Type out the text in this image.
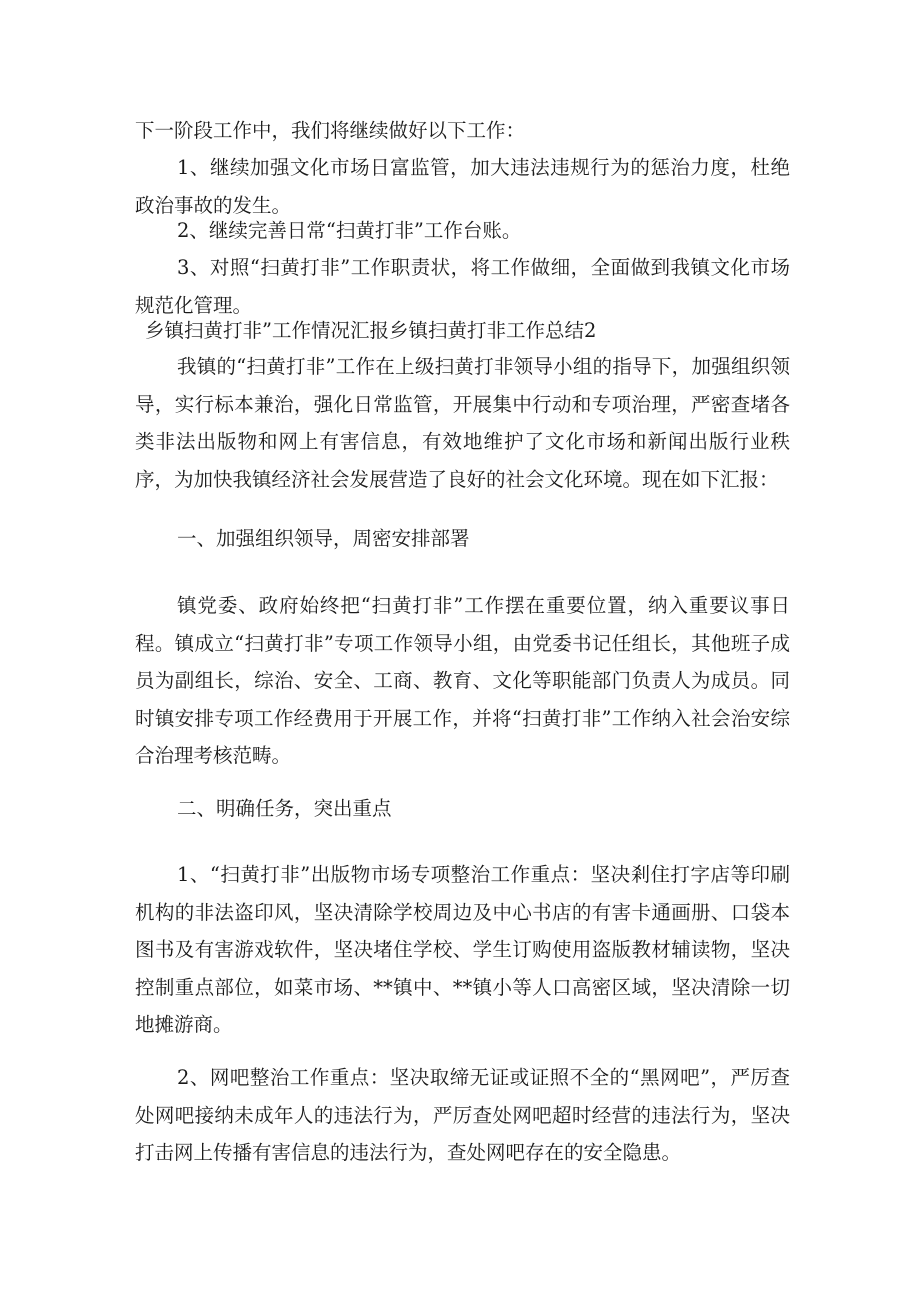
下一阶段工作中，我们将继续做好以下工作：

1、继续加强文化市场日富监管，加大违法违规行为的惩治力度，杜绝政治事故的发生。

2、继续完善日常“扫黄打非”工作台账。

3、对照“扫黄打非”工作职责状，将工作做细，全面做到我镇文化市场规范化管理。

乡镇扫黄打非”工作情况汇报乡镇扫黄打非工作总结2

我镇的“扫黄打非”工作在上级扫黄打非领导小组的指导下，加强组织领导，实行标本兼治，强化日常监管，开展集中行动和专项治理，严密查堵各类非法出版物和网上有害信息，有效地维护了文化市场和新闻出版行业秩序，为加快我镇经济社会发展营造了良好的社会文化环境。现在如下汇报：

一、加强组织领导，周密安排部署

镇党委、政府始终把“扫黄打非”工作摆在重要位置，纳入重要议事日程。镇成立“扫黄打非”专项工作领导小组，由党委书记任组长，其他班子成员为副组长，综治、安全、工商、教育、文化等职能部门负责人为成员。同时镇安排专项工作经费用于开展工作，并将“扫黄打非”工作纳入社会治安综合治理考核范畴。

二、明确任务，突出重点

1、“扫黄打非”出版物市场专项整治工作重点：坚决剎住打字店等印刷机构的非法盗印风，坚决清除学校周边及中心书店的有害卡通画册、口袋本图书及有害游戏软件，坚决堵住学校、学生订购使用盗版教材辅读物，坚决控制重点部位，如菜市场、**镇中、**镇小等人口高密区域，坚决清除一切地摊游商。

2、网吧整治工作重点：坚决取缔无证或证照不全的“黑网吧”，严厉查处网吧接纳未成年人的违法行为，严厉查处网吧超时经营的违法行为，坚决打击网上传播有害信息的违法行为，查处网吧存在的安全隐患。
